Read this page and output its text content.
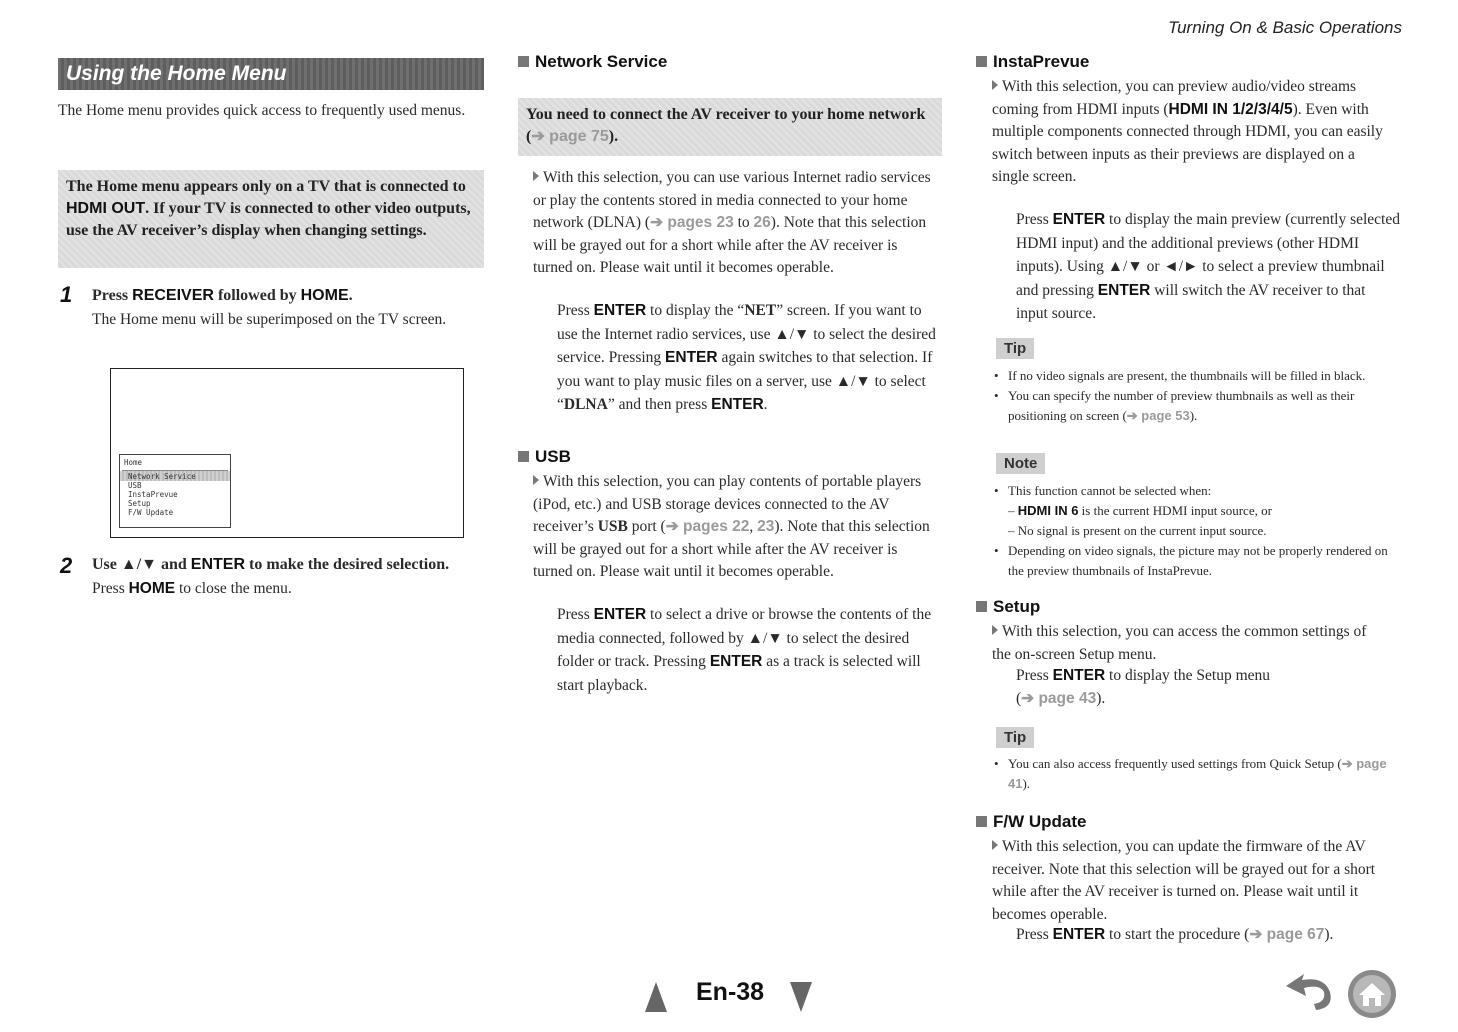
Turning On & Basic Operations
Using the Home Menu
The Home menu provides quick access to frequently used menus.
The Home menu appears only on a TV that is connected to HDMI OUT. If your TV is connected to other video outputs, use the AV receiver’s display when changing settings.
1 Press RECEIVER followed by HOME.
The Home menu will be superimposed on the TV screen.
Home
Network Service
USB
InstaPrevue
Setup
F/W Update
2 Use ▲/▼ and ENTER to make the desired selection.
Press HOME to close the menu.
Network Service
You need to connect the AV receiver to your home network (➔ page 75).
With this selection, you can use various Internet radio services or play the contents stored in media connected to your home network (DLNA) (➔ pages 23 to 26). Note that this selection will be grayed out for a short while after the AV receiver is turned on. Please wait until it becomes operable.
Press ENTER to display the “NET” screen. If you want to use the Internet radio services, use ▲/▼ to select the desired service. Pressing ENTER again switches to that selection. If you want to play music files on a server, use ▲/▼ to select “DLNA” and then press ENTER.
USB
With this selection, you can play contents of portable players (iPod, etc.) and USB storage devices connected to the AV receiver’s USB port (➔ pages 22, 23). Note that this selection will be grayed out for a short while after the AV receiver is turned on. Please wait until it becomes operable.
Press ENTER to select a drive or browse the contents of the media connected, followed by ▲/▼ to select the desired folder or track. Pressing ENTER as a track is selected will start playback.
InstaPrevue
With this selection, you can preview audio/video streams coming from HDMI inputs (HDMI IN 1/2/3/4/5). Even with multiple components connected through HDMI, you can easily switch between inputs as their previews are displayed on a single screen.
Press ENTER to display the main preview (currently selected HDMI input) and the additional previews (other HDMI inputs). Using ▲/▼ or ◄/► to select a preview thumbnail and pressing ENTER will switch the AV receiver to that input source.
Tip
• If no video signals are present, the thumbnails will be filled in black.
• You can specify the number of preview thumbnails as well as their positioning on screen (➔ page 53).
Note
• This function cannot be selected when:
– HDMI IN 6 is the current HDMI input source, or
– No signal is present on the current input source.
• Depending on video signals, the picture may not be properly rendered on the preview thumbnails of InstaPrevue.
Setup
With this selection, you can access the common settings of the on-screen Setup menu.
Press ENTER to display the Setup menu
(➔ page 43).
Tip
• You can also access frequently used settings from Quick Setup (➔ page 41).
F/W Update
With this selection, you can update the firmware of the AV receiver. Note that this selection will be grayed out for a short while after the AV receiver is turned on. Please wait until it becomes operable.
Press ENTER to start the procedure (➔ page 67).
En-38
